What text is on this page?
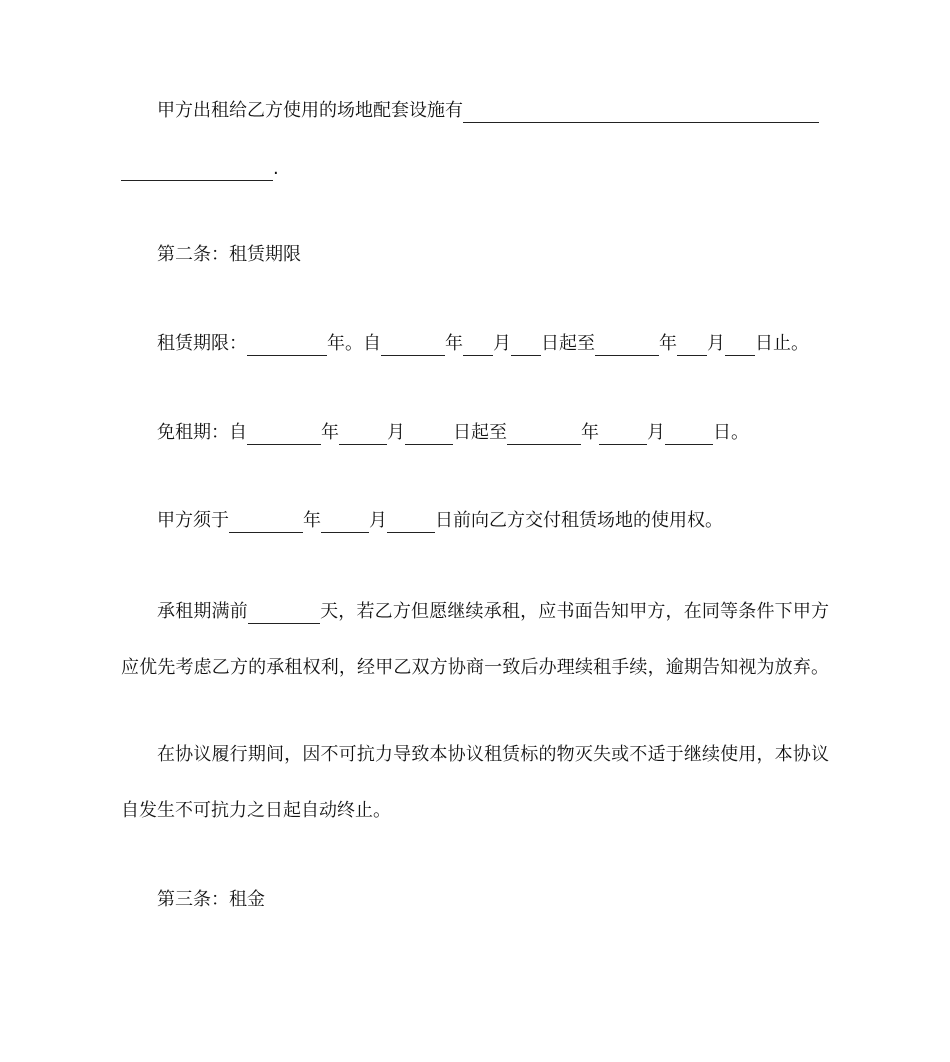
甲方出租给乙方使用的场地配套设施有
.
第二条：租赁期限
租赁期限：	年。自	年 月 日起至	年 月 日止。
免租期：自	年	月	日起至	年	月	日。
甲方须于	年	月	日前向乙方交付租赁场地的使用权。
承租期满前	天，若乙方但愿继续承租，应书面告知甲方，在同等条件下甲方
应优先考虑乙方的承租权利，经甲乙双方协商一致后办理续租手续，逾期告知视为放弃。
在协议履行期间，因不可抗力导致本协议租赁标的物灭失或不适于继续使用，本协议
自发生不可抗力之日起自动终止。
第三条：租金
